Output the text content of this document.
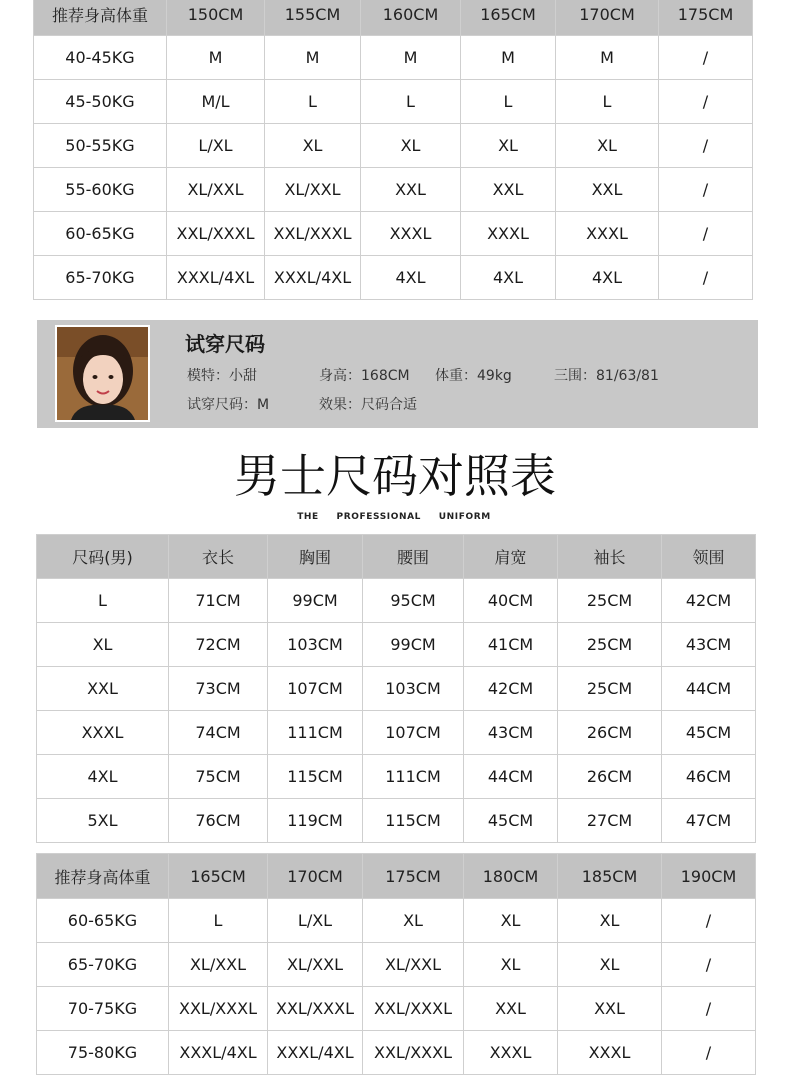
推荐身高体重	150CM	155CM	160CM	165CM	170CM	175CM
40-45KG	M	M	M	M	M	/
45-50KG	M/L	L	L	L	L	/
50-55KG	L/XL	XL	XL	XL	XL	/
55-60KG	XL/XXL	XL/XXL	XXL	XXL	XXL	/
60-65KG	XXL/XXXL	XXL/XXXL	XXXL	XXXL	XXXL	/
65-70KG	XXXL/4XL	XXXL/4XL	4XL	4XL	4XL	/
试穿尺码
模特：小甜	身高：168CM 体重：49kg	三围：81/63/81
试穿尺码：M	效果：尺码合适
男士尺码对照表
THE PROFESSIONAL UNIFORM
尺码(男)	衣长	胸围	腰围	肩宽	袖长	领围
L	71CM	99CM	95CM	40CM	25CM	42CM
XL	72CM	103CM	99CM	41CM	25CM	43CM
XXL	73CM	107CM	103CM	42CM	25CM	44CM
XXXL	74CM	111CM	107CM	43CM	26CM	45CM
4XL	75CM	115CM	111CM	44CM	26CM	46CM
5XL	76CM	119CM	115CM	45CM	27CM	47CM
推荐身高体重	165CM	170CM	175CM	180CM	185CM	190CM
60-65KG	L	L/XL	XL	XL	XL	/
65-70KG	XL/XXL	XL/XXL	XL/XXL	XL	XL	/
70-75KG	XXL/XXXL	XXL/XXXL	XXL/XXXL	XXL	XXL	/
75-80KG	XXXL/4XL	XXXL/4XL	XXL/XXXL	XXXL	XXXL	/
